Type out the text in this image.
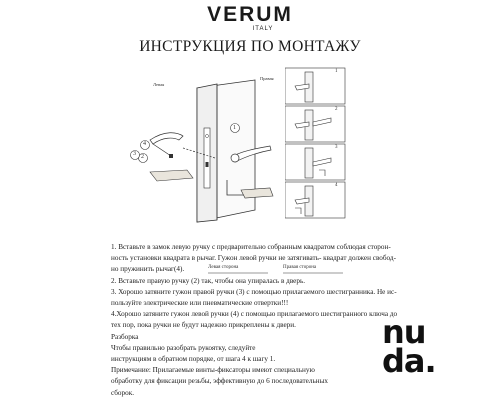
VERUM
ITALY
ИНСТРУКЦИЯ ПО МОНТАЖУ
Левая
Правая
1
2
3
4
1
2
3
4

1. Вставьте в замок левую ручку с предварительно собранным квадратом соблюдая сторон-

ность установки квадрата в рычаг. Гужон левой ручки не затягивать- квадрат должен свобод-

но пружинить рычаг(4).

2. Вставьте правую ручку (2) так, чтобы она упиралась в дверь.

3. Хорошо затяните гужон правой ручки (3) с помощью прилагаемого шестигранника. Не ис-

пользуйте электрические или пневматические отвертки!!!

4.Хорошо затяните гужон левой ручки (4) с помощью прилагаемого шестигранного ключа до

тех пор, пока ручки не будут надежно прикреплены к двери.

Разборка

Чтобы правильно разобрать рукоятку, следуйте

инструкциям в обратном порядке, от шага 4 к шагу 1.

Примечание: Прилагаемые винты-фиксаторы имеют специальную

обработку для фиксации резьбы, эффективную до 6 последовательных

сборок.

Левая сторона	Правая сторона
nu
da.
